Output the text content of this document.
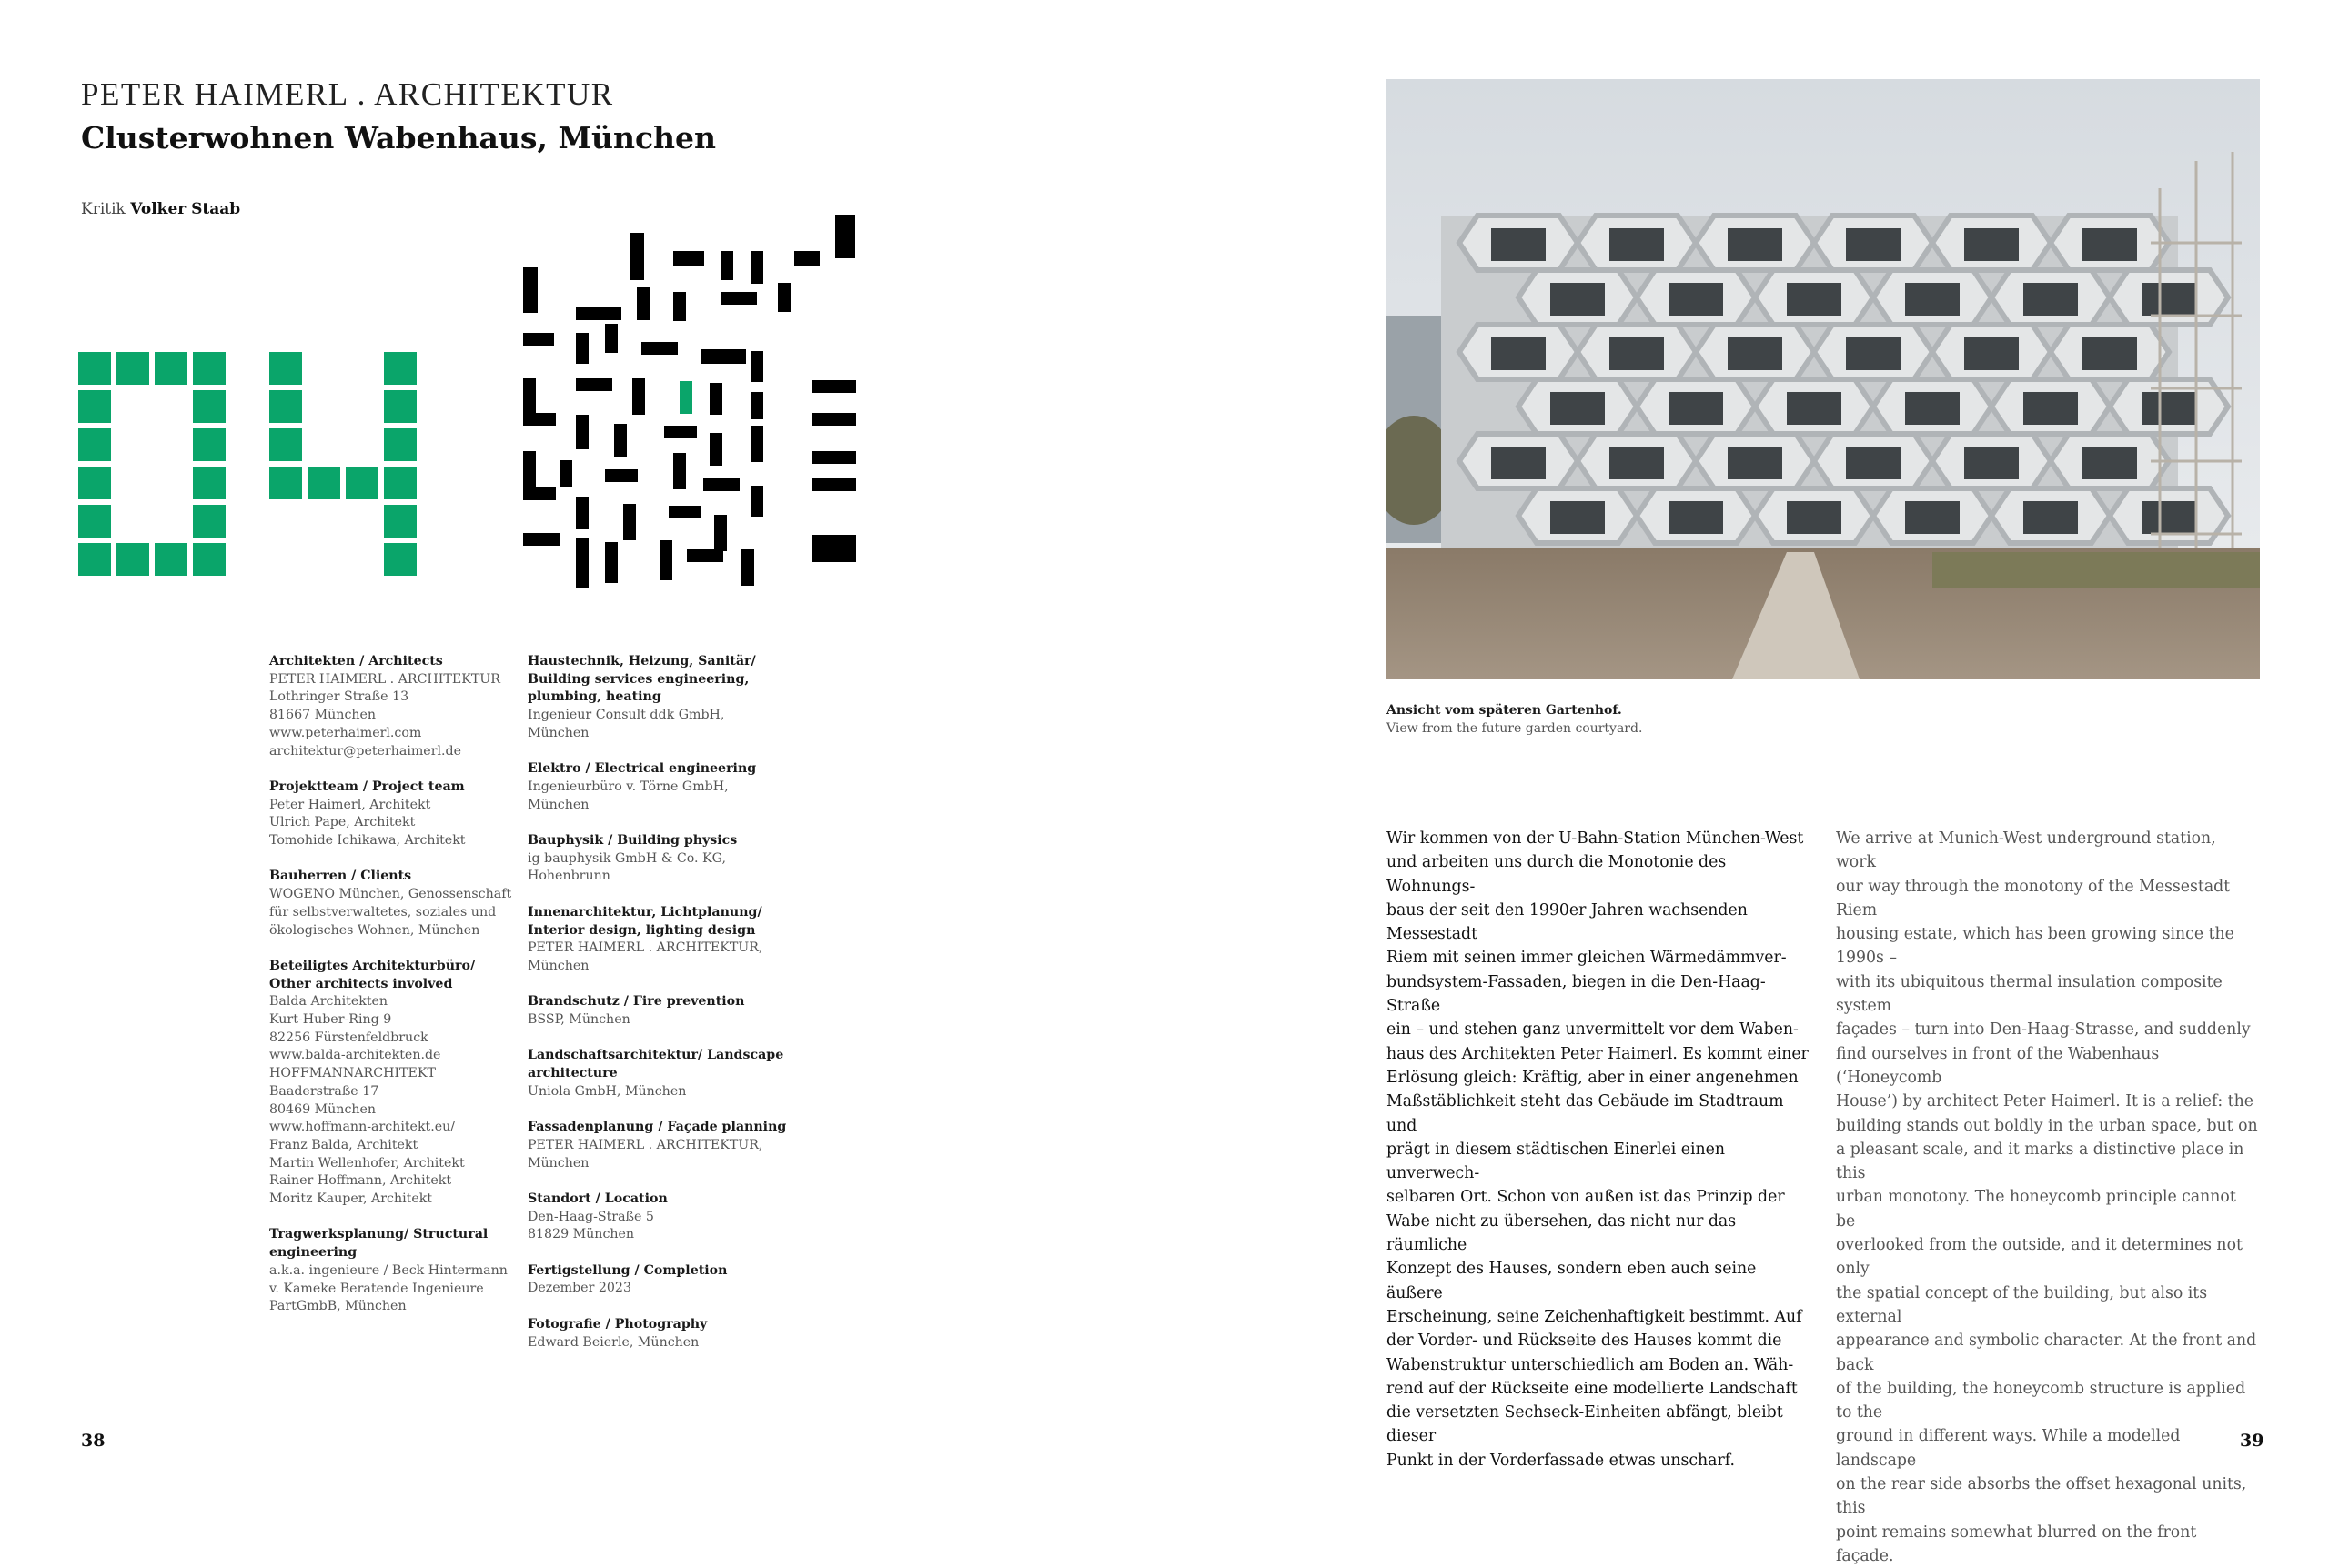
PETER HAIMERL . ARCHITEKTUR
Clusterwohnen Wabenhaus, München
Kritik Volker Staab
Architekten / Architects
PETER HAIMERL . ARCHITEKTUR
Lothringer Straße 13
81667 München
www.peterhaimerl.com
architektur@peterhaimerl.de
Projektteam / Project team
Peter Haimerl, Architekt
Ulrich Pape, Architekt
Tomohide Ichikawa, Architekt
Bauherren / Clients
WOGENO München, Genossenschaft
für selbstverwaltetes, soziales und
ökologisches Wohnen, München
Beteiligtes Architekturbüro/ Other architects involved
Balda Architekten
Kurt-Huber-Ring 9
82256 Fürstenfeldbruck
www.balda-architekten.de
HOFFMANNARCHITEKT
Baaderstraße 17
80469 München
www.hoffmann-architekt.eu/
Franz Balda, Architekt
Martin Wellenhofer, Architekt
Rainer Hoffmann, Architekt
Moritz Kauper, Architekt
Tragwerksplanung/ Structural engineering
a.k.a. ingenieure / Beck Hintermann
v. Kameke Beratende Ingenieure
PartGmbB, München
Haustechnik, Heizung, Sanitär/ Building services engineering, plumbing, heating
Ingenieur Consult ddk GmbH,
München
Elektro / Electrical engineering
Ingenieurbüro v. Törne GmbH,
München
Bauphysik / Building physics
ig bauphysik GmbH & Co. KG,
Hohenbrunn
Innenarchitektur, Lichtplanung/ Interior design, lighting design
PETER HAIMERL . ARCHITEKTUR,
München
Brandschutz / Fire prevention
BSSP, München
Landschaftsarchitektur/ Landscape architecture
Uniola GmbH, München
Fassadenplanung / Façade planning
PETER HAIMERL . ARCHITEKTUR,
München
Standort / Location
Den-Haag-Straße 5
81829 München
Fertigstellung / Completion
Dezember 2023
Fotografie / Photography
Edward Beierle, München
Ansicht vom späteren Gartenhof.
View from the future garden courtyard.

Wir kommen von der U-Bahn-Station München-West

und arbeiten uns durch die Monotonie des Wohnungs-

baus der seit den 1990er Jahren wachsenden Messestadt

Riem mit seinen immer gleichen Wärmedämmver-

bundsystem-Fassaden, biegen in die Den-Haag-Straße

ein – und stehen ganz unvermittelt vor dem Waben-

haus des Architekten Peter Haimerl. Es kommt einer

Erlösung gleich: Kräftig, aber in einer angenehmen

Maßstäblichkeit steht das Gebäude im Stadtraum und

prägt in diesem städtischen Einerlei einen unverwech-

selbaren Ort. Schon von außen ist das Prinzip der

Wabe nicht zu übersehen, das nicht nur das räumliche

Konzept des Hauses, sondern eben auch seine äußere

Erscheinung, seine Zeichenhaftigkeit bestimmt. Auf

der Vorder- und Rückseite des Hauses kommt die

Wabenstruktur unterschiedlich am Boden an. Wäh-

rend auf der Rückseite eine modellierte Landschaft

die versetzten Sechseck-Einheiten abfängt, bleibt dieser

Punkt in der Vorderfassade etwas unscharf.

We arrive at Munich-West underground station, work

our way through the monotony of the Messestadt Riem

housing estate, which has been growing since the 1990s –

with its ubiquitous thermal insulation composite system

façades – turn into Den-Haag-Strasse, and suddenly

find ourselves in front of the Wabenhaus (‘Honeycomb

House’) by architect Peter Haimerl. It is a relief: the

building stands out boldly in the urban space, but on

a pleasant scale, and it marks a distinctive place in this

urban monotony. The honeycomb principle cannot be

overlooked from the outside, and it determines not only

the spatial concept of the building, but also its external

appearance and symbolic character. At the front and back

of the building, the honeycomb structure is applied to the

ground in different ways. While a modelled landscape

on the rear side absorbs the offset hexagonal units, this

point remains somewhat blurred on the front façade.

38	39
